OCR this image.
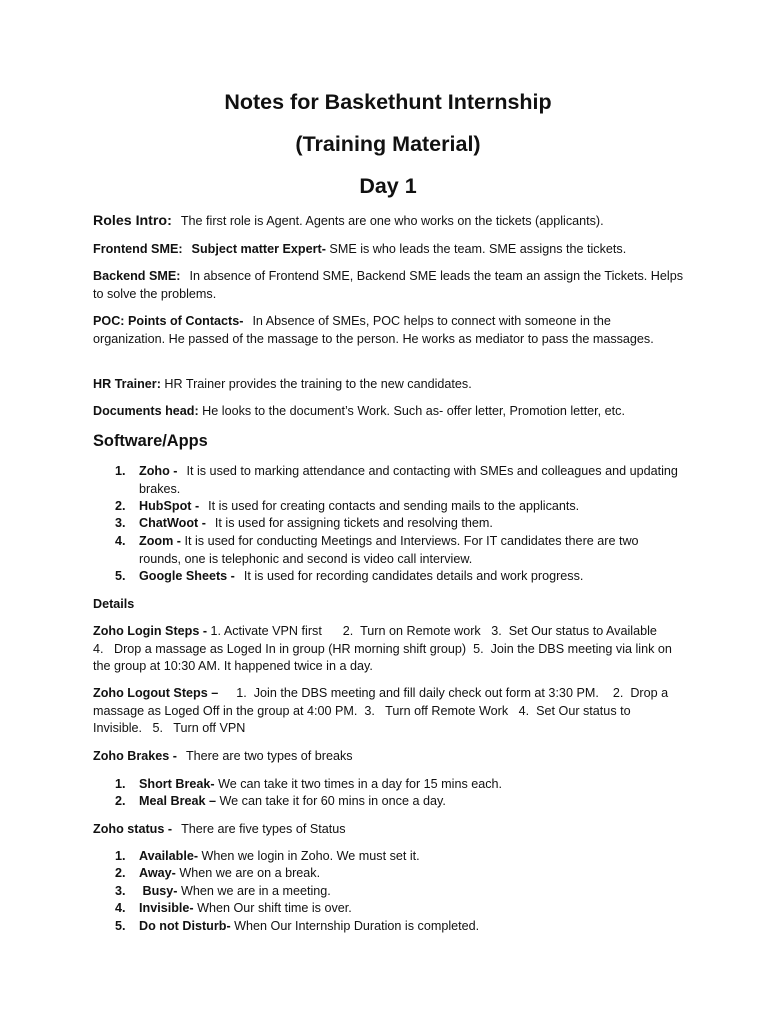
Notes for Baskethunt Internship
(Training Material)
Day 1
Roles Intro: The first role is Agent. Agents are one who works on the tickets (applicants).
Frontend SME: Subject matter Expert- SME is who leads the team. SME assigns the tickets.
Backend SME: In absence of Frontend SME, Backend SME leads the team an assign the Tickets. Helps to solve the problems.
POC: Points of Contacts- In Absence of SMEs, POC helps to connect with someone in the organization. He passed of the massage to the person. He works as mediator to pass the massages.
HR Trainer: HR Trainer provides the training to the new candidates.
Documents head: He looks to the document’s Work. Such as- offer letter, Promotion letter, etc.
Software/Apps
1.	Zoho - It is used to marking attendance and contacting with SMEs and colleagues and updating brakes.
2.	HubSpot - It is used for creating contacts and sending mails to the applicants.
3.	ChatWoot - It is used for assigning tickets and resolving them.
4.	Zoom - It is used for conducting Meetings and Interviews. For IT candidates there are two rounds, one is telephonic and second is video call interview.
5.	Google Sheets - It is used for recording candidates details and work progress.
Details
Zoho Login Steps - 1. Activate VPN first      2.  Turn on Remote work   3.  Set Our status to Available     4.   Drop a massage as Loged In in group (HR morning shift group)  5.  Join the DBS meeting via link on the group at 10:30 AM. It happened twice in a day.
Zoho Logout Steps – 1.  Join the DBS meeting and fill daily check out form at 3:30 PM.    2.  Drop a massage as Loged Off in the group at 4:00 PM.  3.   Turn off Remote Work   4.  Set Our status to Invisible.   5.   Turn off VPN
Zoho Brakes - There are two types of breaks
1.	Short Break- We can take it two times in a day for 15 mins each.
2.	Meal Break – We can take it for 60 mins in once a day.
Zoho status - There are five types of Status
1.	Available- When we login in Zoho. We must set it.
2.	Away- When we are on a break.
3.	Busy- When we are in a meeting.
4.	Invisible- When Our shift time is over.
5.	Do not Disturb- When Our Internship Duration is completed.
